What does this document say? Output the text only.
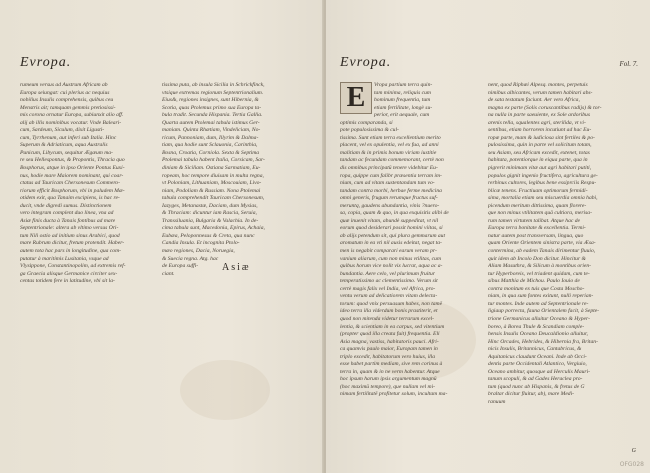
Evropa.
rumeum versus ad Austrum Africam ab
Europa seiungat: cui plerius ac nequius
nobilius Insulis comprehensis, quibus ceu
Menstris ait; tamquam gemmis pretiosissi-
mis corona ornatur Europa, subiunxit alio aff.
alij ab illis nominibus vocatur. Vnde Baleari-
cum, Sardeum, Siculum, dixit Ligusti-
cum, Tyrrhenum, aut inferi sub Italia. Hinc
Superum & Adriaticum, aqua Australis
Punicum, Libycum, sequitur Ægæum ma-
re seu Hellespontus, & Propontis, Thracia quo
Bosphorus, atque in ipso Oriente Pontus Euxi-
nus, hodie mare Maiorem nominant, qui coar-
ctatus ad Tauricam Chersonesum Commero-
riorum efficit Bosphorum, vbi in paludem Mæ-
otidem exit, qua Tanaim excipiens, is hac re-
ducit, vnde digredi sumus. Distinctionem
vero integram complent duo linea, vna ad
Asiæ finis ducta à Tanais fontibus ad mare
Septentrionale: altera ab vltimo versus Ori-
tum Nili ostio ad initium sinus Arabici, quod
mare Rubrum dicitur, fretum protendit. Haber-
autem tota hac pars in longitudine, qua com-
putatur à maritimis Lusitania, vsque ad
Vlysippone, Constantinopolim, ad extremis ref-
ga Graecia alisque Germanice circiter sex-
centas totidem fere in latitudine, vbi sit la-
tissima puta, ab insula Sicilia in Schrickfinck,
vtsique extremas regionum Septentrionalium.
Eius&, regiones insignes, sunt Hibernia, &
Scotia, quas Ptolemus primo sua Europa ta-
bula tradit. Secunda Hispania. Tertia Gallia.
Quarta autem Ptolemai tabula istimus Ger-
maniam. Quinta Rhætiam, Vindeliciam, No-
ricum, Pannoniam, dum, Illyrim & Dalma-
tiam, qua hodie sunt Sclauonia, Carinthia,
Bosna, Croatia, Corniola. Sexta & Septima
Ptolemai tabula habent Italia, Corsicam, Sar-
diniam & Siciliam. Ostiana Sarmatiam, Eu-
ropeam, hoc tempore diuisam in multa regna,
vt Poloniam, Lithuaniam, Moscouiam, Livo-
niam, Podoliam & Russiam. Nona Ptolemai
tabula comprehendit Tauricam Chersonesum,
Iazyges, Metanastæ, Daciam, dum Mysias,
& Thraciam: dicuntur iam Rascia, Seruia,
Transsiluania, Bulgaria & Valachia. In de-
cima tabula sunt, Macedonia, Epirus, Achaia,
Eubæa, Peloponnesus & Creta, qua nunc
Candia Insula. Et incognita Ptolo-
mæo regiones, Dacia, Noruegia,
& Suecia regna. Atg. hac
de Europa suffi-
ciant.
Asiæ
Evropa.	Fol. 7.
E	Vropa partium terra quin-
tam minima, reliquis cum
hominum frequentia, tum
etiam fertilitate, longè su-
perior, erit aequale, cum
optimis comparanda, si
pote populosissima & cul-
tissima. Sunt etiam terra excellentium merito
placent, vel ex opulentia, vel ex fua, ad anni
malitiam & in primis bonum viriam iustitie
tandam ac fecundam commemorant, certè non
dis omnibus principatū tenere videbitur Eu-
ropa, quippe cum falibr præsentia terram im-
nium, cum ad vitam sustentandam tum vo-
tandam contra morbi, herbae ferme medicina
omni generis, frugum rerumque fructus suf-
meruntq, gaudens abundantia, vinis ?nuero-
sa, copia, quam & quo, in qua exquisitis alibi de
quæ inuenit vitam, abundè suppeditat, vt nil
eorum quod desiderari possit homini viitas, si
ab alijs petendum sit, qui plura gemmarum aut
aromatum in ea vti nil ausis edeitat, negat ta-
men is negabit comparari earum veram pr-
vanium aliarum, cum non minus vtilitas, cum
quibus horum vice nolit vix lucrat, aqua ac a-
bundantia. Aere celo, vel plurimum fruitur
temperatissimo ac clementissimo. Verum sit
certè magis falix vel India, vel Africa, pro-
ventu verum ad delicatiorem vitam delecta-
torum: quod vnix persuasum habes, non tamē
ideo terra illa vlderdum bonis prastiterit, et
quod non mitenda videtur terrarum excel-
lentia, & scientiam in ea carpus, sed vitentium
(propter quod illa creata fuit) frequentia. Eli
Asia magna, vastiss, habitatoris pauci. Afri-
ca quamvis paulo maior, Europam tamen in
triplo excedit, habitatorum vero huius, illa
esse habet partim mediam, sive rem corinus à
terra in, quam & in ne verm habentur. Atque
hoc ipsum harum ipsis argumentum magnū
(hoc maximū tempore), que nullam vel mi-
nimam fertilitatē profitetur solum, incultam ma-
nent, quod Riphæi Alpesq. montes, perpetuis
nimibus albicantes, verum tamen habitari abs-
de sata testatum faciunt. Aer vero Africa,
magna ex parte (Solis coruscantibus radijs) & tor-
na nulla in parte saeuiente, ex Sole ardoribus
arenis tella, squalentes agri, sterilida, vt vi-
sentibus, etiam horrorem incutiunt ad hac Eu-
ropæ parte, mam & iudiciosa sint fertiles & po-
pulosissima, quin in parte vel solicitum totam,
seu Asiam, seu Africam excedit, extenet, totas
habitata, potentiorque in eiqua parte, qua in
pigrerit minimam vitæ aut agri habitari putiti,
populos gignit ingenio fructifera, agricultura ge-
rerbinus cultores, legibus bene essiprciis Respu-
blicæ tenens. Fructiuam optimorum fermidi-
sima, mortalia etiam seu miscuerdia omnia habi,
picendum meritum dittissima, quam florere-
que non minus vtilitatem quā cultiora, merisa-
rum tamen virtutem talibat. Atque hac de
Europa terra bonitate & excellentia. Termi-
natur autem post transversam, lingua, quo
quam Oriente Orientem sinistra parte, via Æsa-
contermina, ab eadem Tanais dirimentur fluuio,
quit idem ab Incolo Don dicitur. Hincitur &
Aliam Masuthra, & Silicum à montibus orien-
tur Hyperboreis, vel triadent quidam, cum te-
sibus Matthia de Michou. Paulo Iouio de
contra monitum ex tuis que Costa Moscho-
niam, in qua sum fontes exitunt, nulli reperian-
tur montes. Inde autem ad Septentrionale re-
ligiaup porrecta, fauna Orientalem facit, à Septe-
trione Germanicus alluitur Oceano & Hyper-
boreo, à Borea Thule & Scandiam comple-
hensis Insulis Oceano Deucaldionio alluitur,
Hinc Orcades, Hebrides, & Hibernia fra, Britan-
nicis Insulis, Britannicus, Cantabricus, &
Aquitanicus claudunt Oceani. Inde ab Occi-
dentis parte Occidentali Atlantico, Vergiuio,
Oceano ambitur, quosque ad Herculis Mauri-
tanum scopuli, & ad Gades Heraclea pro-
tum (quod nunc ab Hispanis, & fretus de G
braltar dicitur fluitur, ab), mare Medi-
ranuum
G
OFG028
